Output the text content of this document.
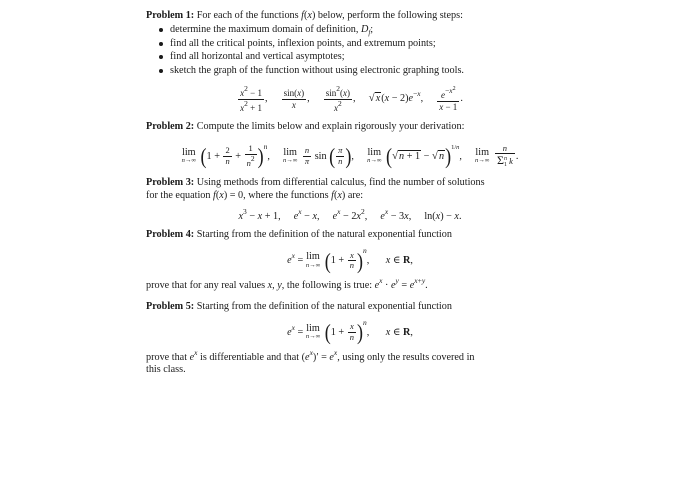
Problem 1: For each of the functions f(x) below, perform the following steps:
determine the maximum domain of definition, $D_f$;
find all the critical points, inflexion points, and extremum points;
find all horizontal and vertical asymptotes;
sketch the graph of the function without using electronic graphing tools.
$\frac{x^2 - 1}{x^2 + 1}$ , $\frac{\sin(x)}{x}$ , $\frac{\sin^2(x)}{x^2}$ ,  $√x(x - 2)e^{-x}$, $\frac{e^{-x^2}}{x - 1}$ .
Problem 2: Compute the limits below and explain rigorously your derivation:
lim
n→∞ $(1 + \frac{2}{n} + \frac{1}{n2} )^n$, lim
n→∞
$\frac{n}{\pi}$ sin ( $\frac{\pi}{n}$ ), lim
n→∞ $(√n + 1 - √n)^{1/n}$, lim
n→∞
$\frac{n}{\Sigma^n_1 k}$ .
Problem 3: Using methods from differential calculus, find the number of solutions
for the equation f(x) = 0, where the functions f(x) are:
$x^3 - x + 1$, $e^x - x$, $e^x - 2x^2$, $e^x - 3x$, ln(x) − x.
Problem 4: Starting from the definition of the natural exponential function
$e^x = \lim$
n→∞ $(1 + \frac{x}{n} )^n$, x ∈ R,

prove that for any real values x, y, the following is true: $e^x \cdot e^y = e^{x+y}$.

Problem 5: Starting from the definition of the natural exponential function
$e^x = \lim$
n→∞ $(1 + \frac{x}{n} )^n$, x ∈ R,

prove that $e^x$ is differentiable and that $(e^x)' = e^x$, using only the results covered in

this class.
